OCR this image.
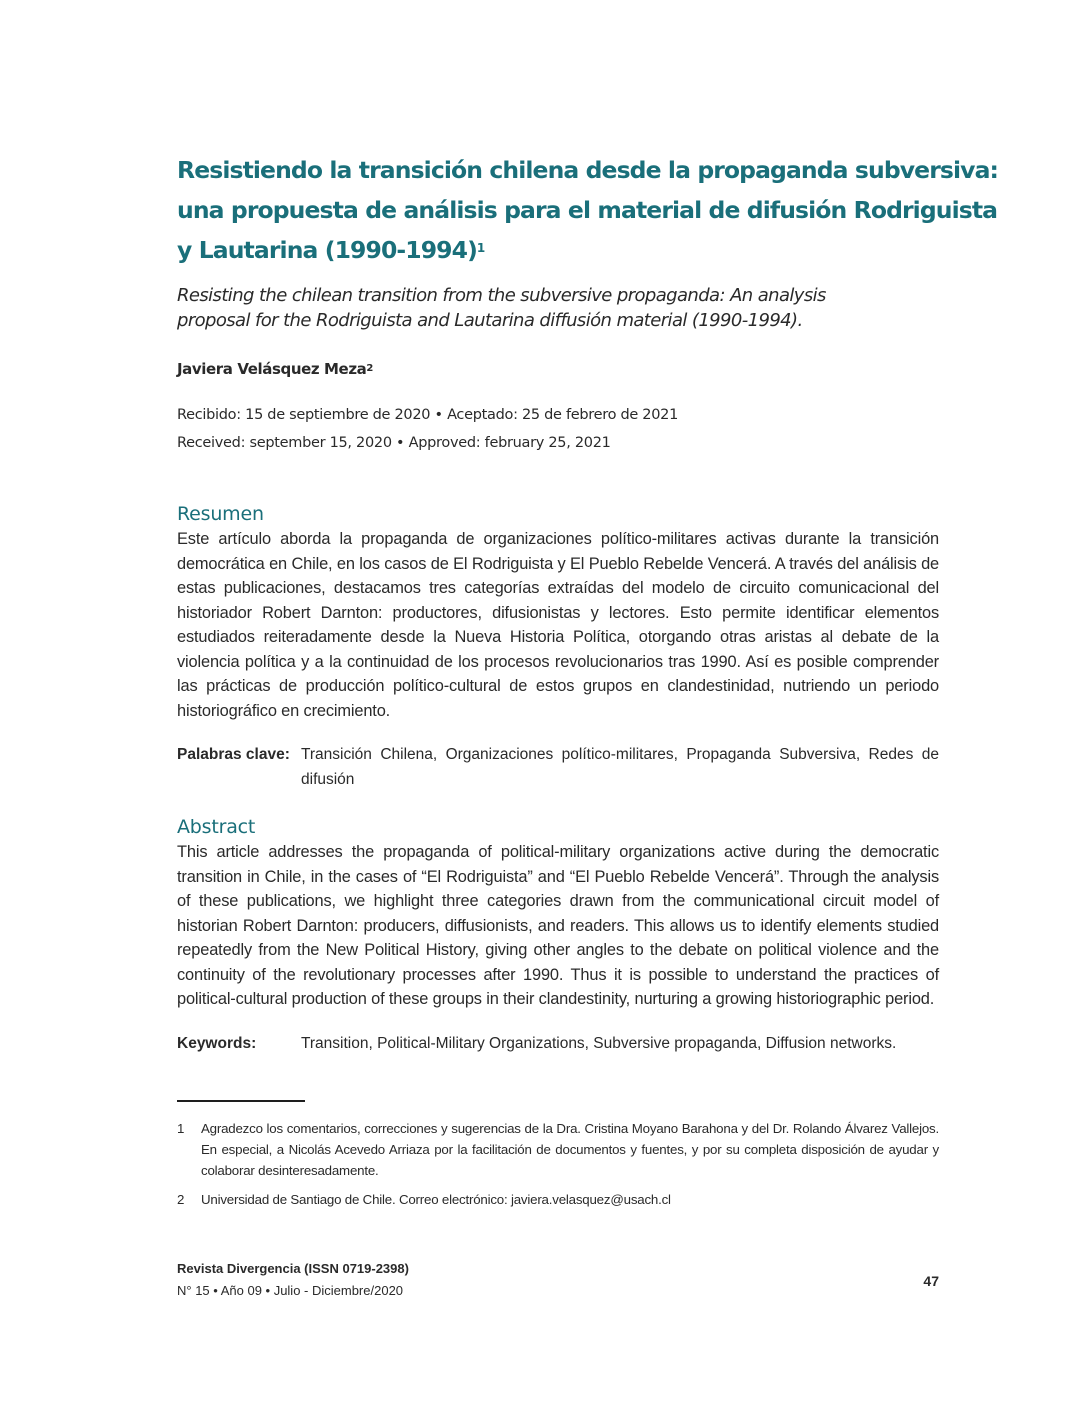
Resistiendo la transición chilena desde la propaganda subversiva:
una propuesta de análisis para el material de difusión Rodriguista
y Lautarina (1990-1994)$^1$

Resisting the chilean transition from the subversive propaganda: An analysis
proposal for the Rodriguista and Lautarina diffusión material (1990-1994).

Javiera Velásquez Meza$^2$

Recibido: 15 de septiembre de 2020 • Aceptado: 25 de febrero de 2021
Received: september 15, 2020 • Approved: february 25, 2021
Resumen

Este artículo aborda la propaganda de organizaciones político-militares activas durante la transición democrática en Chile, en los casos de El Rodriguista y El Pueblo Rebelde Vencerá. A través del análisis de estas publicaciones, destacamos tres categorías extraídas del modelo de circuito comunicacional del historiador Robert Darnton: productores, difusionistas y lectores. Esto permite identificar elementos estudiados reiteradamente desde la Nueva Historia Política, otorgando otras aristas al debate de la violencia política y a la continuidad de los procesos revolucionarios tras 1990. Así es posible comprender las prácticas de producción político-cultural de estos grupos en clandestinidad, nutriendo un periodo historiográfico en crecimiento.

Palabras clave: Transición Chilena, Organizaciones político-militares, Propaganda Subversiva, Redes de difusión
Abstract

This article addresses the propaganda of political-military organizations active during the democratic transition in Chile, in the cases of “El Rodriguista” and “El Pueblo Rebelde Vencerá”. Through the analysis of these publications, we highlight three categories drawn from the communicational circuit model of historian Robert Darnton: producers, diffusionists, and readers. This allows us to identify elements studied repeatedly from the New Political History, giving other angles to the debate on political violence and the continuity of the revolutionary processes after 1990. Thus it is possible to understand the practices of political-cultural production of these groups in their clandestinity, nurturing a growing historiographic period.

Keywords:	Transition, Political-Military Organizations, Subversive propaganda, Diffusion networks.
1	Agradezco los comentarios, correcciones y sugerencias de la Dra. Cristina Moyano Barahona y del Dr. Rolando Álvarez Vallejos. En especial, a Nicolás Acevedo Arriaza por la facilitación de documentos y fuentes, y por su completa disposición de ayudar y colaborar desinteresadamente.
2	Universidad de Santiago de Chile. Correo electrónico: javiera.velasquez@usach.cl
Revista Divergencia (ISSN 0719-2398)
N° 15 • Año 09 • Julio - Diciembre/2020
47
